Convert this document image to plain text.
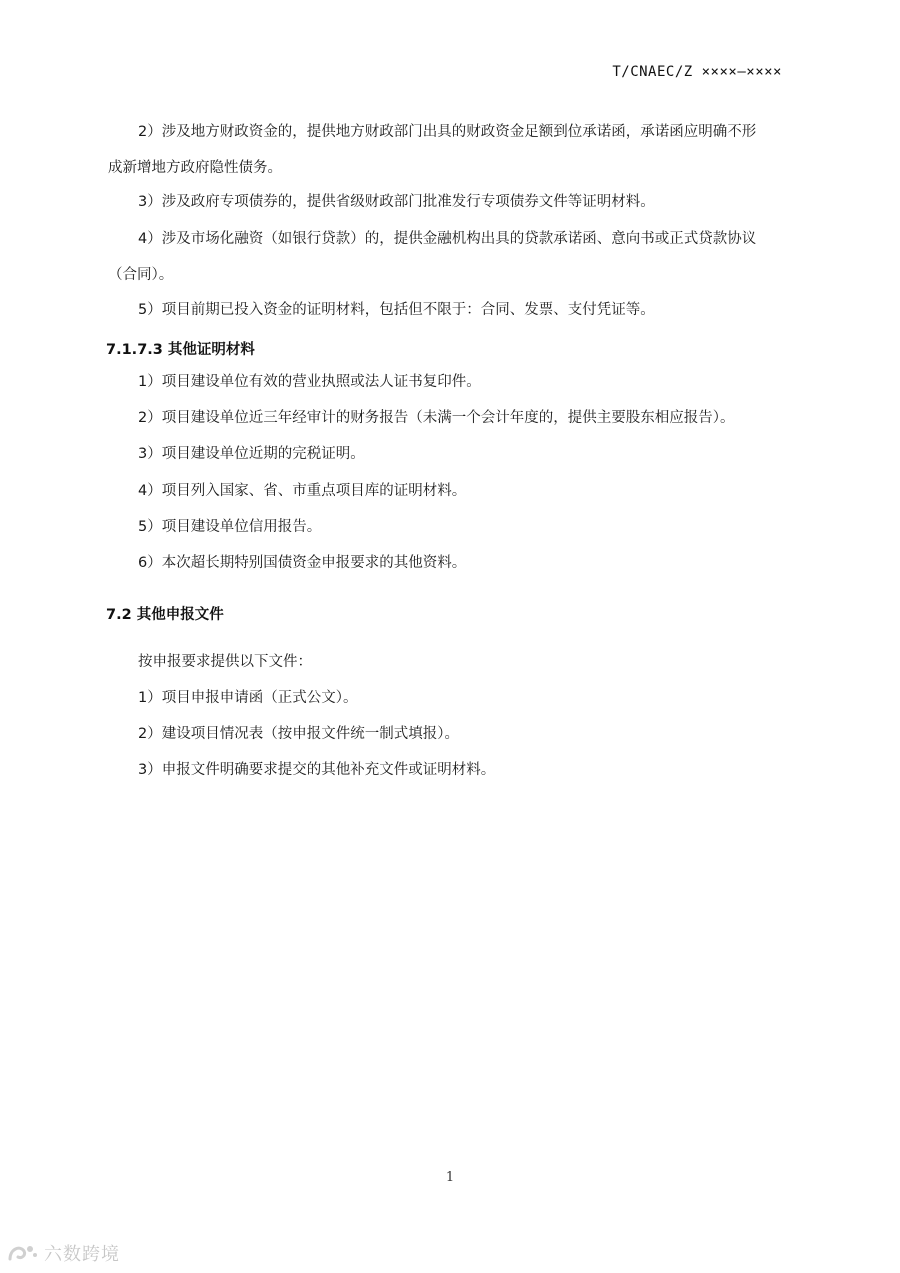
T/CNAEC/Z ××××—××××

2）涉及地方财政资金的，提供地方财政部门出具的财政资金足额到位承诺函，承诺函应明确不形
成新增地方政府隐性债务。

3）涉及政府专项债券的，提供省级财政部门批准发行专项债券文件等证明材料。

4）涉及市场化融资（如银行贷款）的，提供金融机构出具的贷款承诺函、意向书或正式贷款协议
（合同）。

5）项目前期已投入资金的证明材料，包括但不限于：合同、发票、支付凭证等。

7.1.7.3 其他证明材料

1）项目建设单位有效的营业执照或法人证书复印件。

2）项目建设单位近三年经审计的财务报告（未满一个会计年度的，提供主要股东相应报告）。

3）项目建设单位近期的完税证明。

4）项目列入国家、省、市重点项目库的证明材料。

5）项目建设单位信用报告。

6）本次超长期特别国债资金申报要求的其他资料。

7.2 其他申报文件

按申报要求提供以下文件：

1）项目申报申请函（正式公文）。

2）建设项目情况表（按申报文件统一制式填报）。

3）申报文件明确要求提交的其他补充文件或证明材料。

1
六数跨境
